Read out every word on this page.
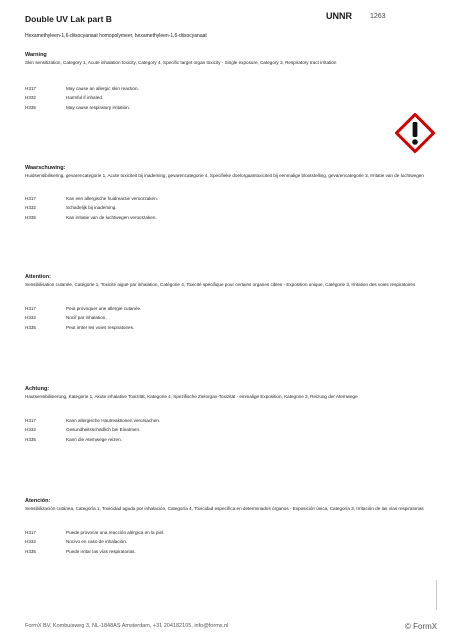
Double UV Lak part B	UNNR	1263
Hexamethyleen-1,6-diisocyanaat homopolymeer, hexamethyleen-1,6-diisocyanaat
Warning
Skin sensitization, Category 1, Acute inhalation toxicity, Category 4, Specific target organ toxicity - Single exposure, Category 3, Respiratory tract irritation
H317	May cause an allergic skin reaction.
H332	Harmful if inhaled.
H335	May cause respiratory irritation.
Waarschuwing:
Huidsensibilisering, gevarencategorie 1, Acute toxiciteit bij inademing, gevarencategorie 4, Specifieke doelorgaantoxiciteit bij eenmalige blootstelling, gevarencategorie 3, Irritatie van de luchtwegen
H317	Kan een allergische huidreactie veroorzaken.
H332	Schadelijk bij inademing.
H335	Kan irritatie van de luchtwegen veroorzaken.
Attention:
Sensibilisation cutanée, Catégorie 1, Toxicité aiguë par inhalation, Catégorie 4, Toxicité spécifique pour certains organes cibles - Exposition unique, Catégorie 3, Irritation des voies respiratoires
H317	Peut provoquer une allergie cutanée.
H332	Nocif par inhalation.
H335	Peut irriter les voies respiratoires.
Achtung:
Hautsensibilisierung, Kategorie 1, Akute inhalative Toxizität, Kategorie 4, Spezifische Zielorgan-Toxizität - einmalige Exposition, Kategorie 3, Reizung der Atemwege
H317	Kann allergische Hautreaktionen verursachen.
H332	Gesundheitsschädlich bei Einatmen.
H335	Kann die Atemwege reizen.
Atención:
Sensibilización cutánea, Categoría 1, Toxicidad aguda por inhalación, Categoría 4, Toxicidad específica en determinados órganos - Exposición única, Categoría 3, Irritación de las vías respiratorias
H317	Puede provocar una reacción alérgica en la piel.
H332	Nocivo en caso de inhalación.
H335	Puede irritar las vías respiratorias.
FormX BV, Kombuisweg 3, NL-1848AS Amsterdam, +31 204182105, info@formx.nl	© FormX
